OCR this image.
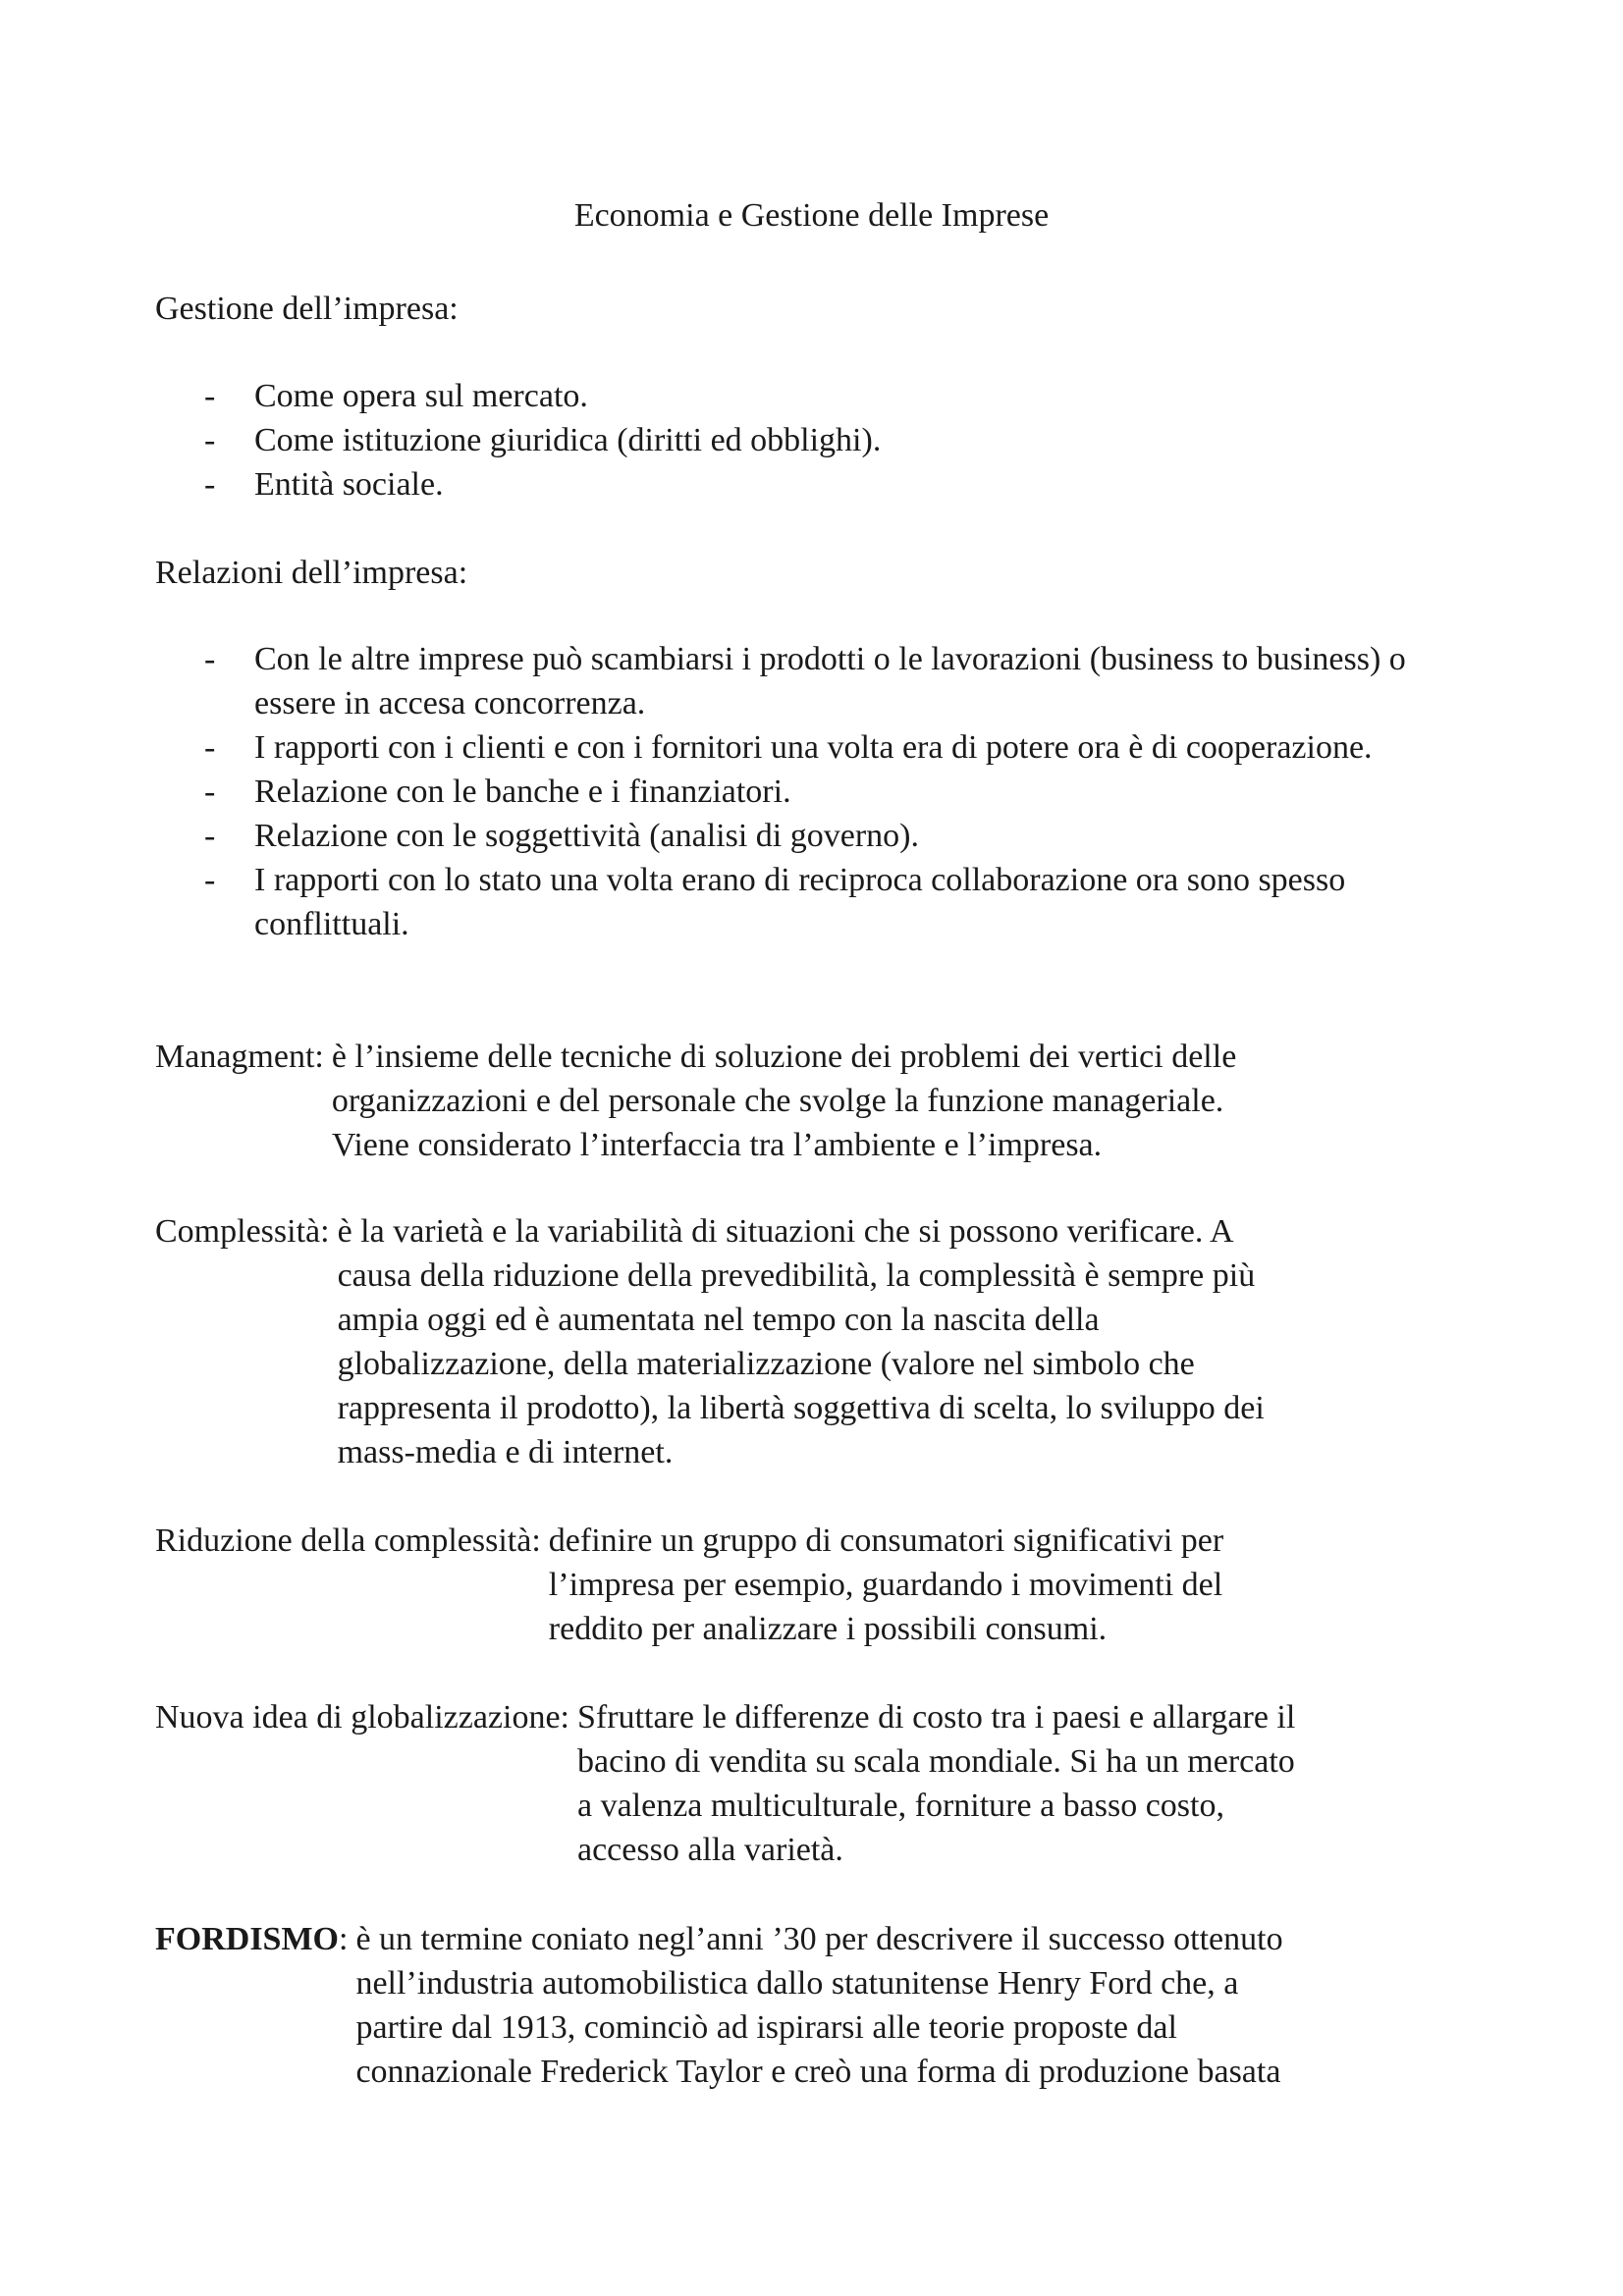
Economia e Gestione delle Imprese
Gestione dell’impresa:
- Come opera sul mercato.
- Come istituzione giuridica (diritti ed obblighi).
- Entità sociale.
Relazioni dell’impresa:
- Con le altre imprese può scambiarsi i prodotti o le lavorazioni (business to business) o essere in accesa concorrenza.
- I rapporti con i clienti e con i fornitori una volta era di potere ora è di cooperazione.
- Relazione con le banche e i finanziatori.
- Relazione con le soggettività (analisi di governo).
- I rapporti con lo stato una volta erano di reciproca collaborazione ora sono spesso conflittuali.
Managment: è l’insieme delle tecniche di soluzione dei problemi dei vertici delle
organizzazioni e del personale che svolge la funzione manageriale.
Viene considerato l’interfaccia tra l’ambiente e l’impresa.
Complessità: è la varietà e la variabilità di situazioni che si possono verificare. A
causa della riduzione della prevedibilità, la complessità è sempre più
ampia oggi ed è aumentata nel tempo con la nascita della
globalizzazione, della materializzazione (valore nel simbolo che
rappresenta il prodotto), la libertà soggettiva di scelta, lo sviluppo dei
mass-media e di internet.
Riduzione della complessità: definire un gruppo di consumatori significativi per
l’impresa per esempio, guardando i movimenti del
reddito per analizzare i possibili consumi.
Nuova idea di globalizzazione: Sfruttare le differenze di costo tra i paesi e allargare il
bacino di vendita su scala mondiale. Si ha un mercato
a valenza multiculturale, forniture a basso costo,
accesso alla varietà.
FORDISMO: è un termine coniato negl’anni ’30 per descrivere il successo ottenuto
nell’industria automobilistica dallo statunitense Henry Ford che, a
partire dal 1913, cominciò ad ispirarsi alle teorie proposte dal
connazionale Frederick Taylor e creò una forma di produzione basata
